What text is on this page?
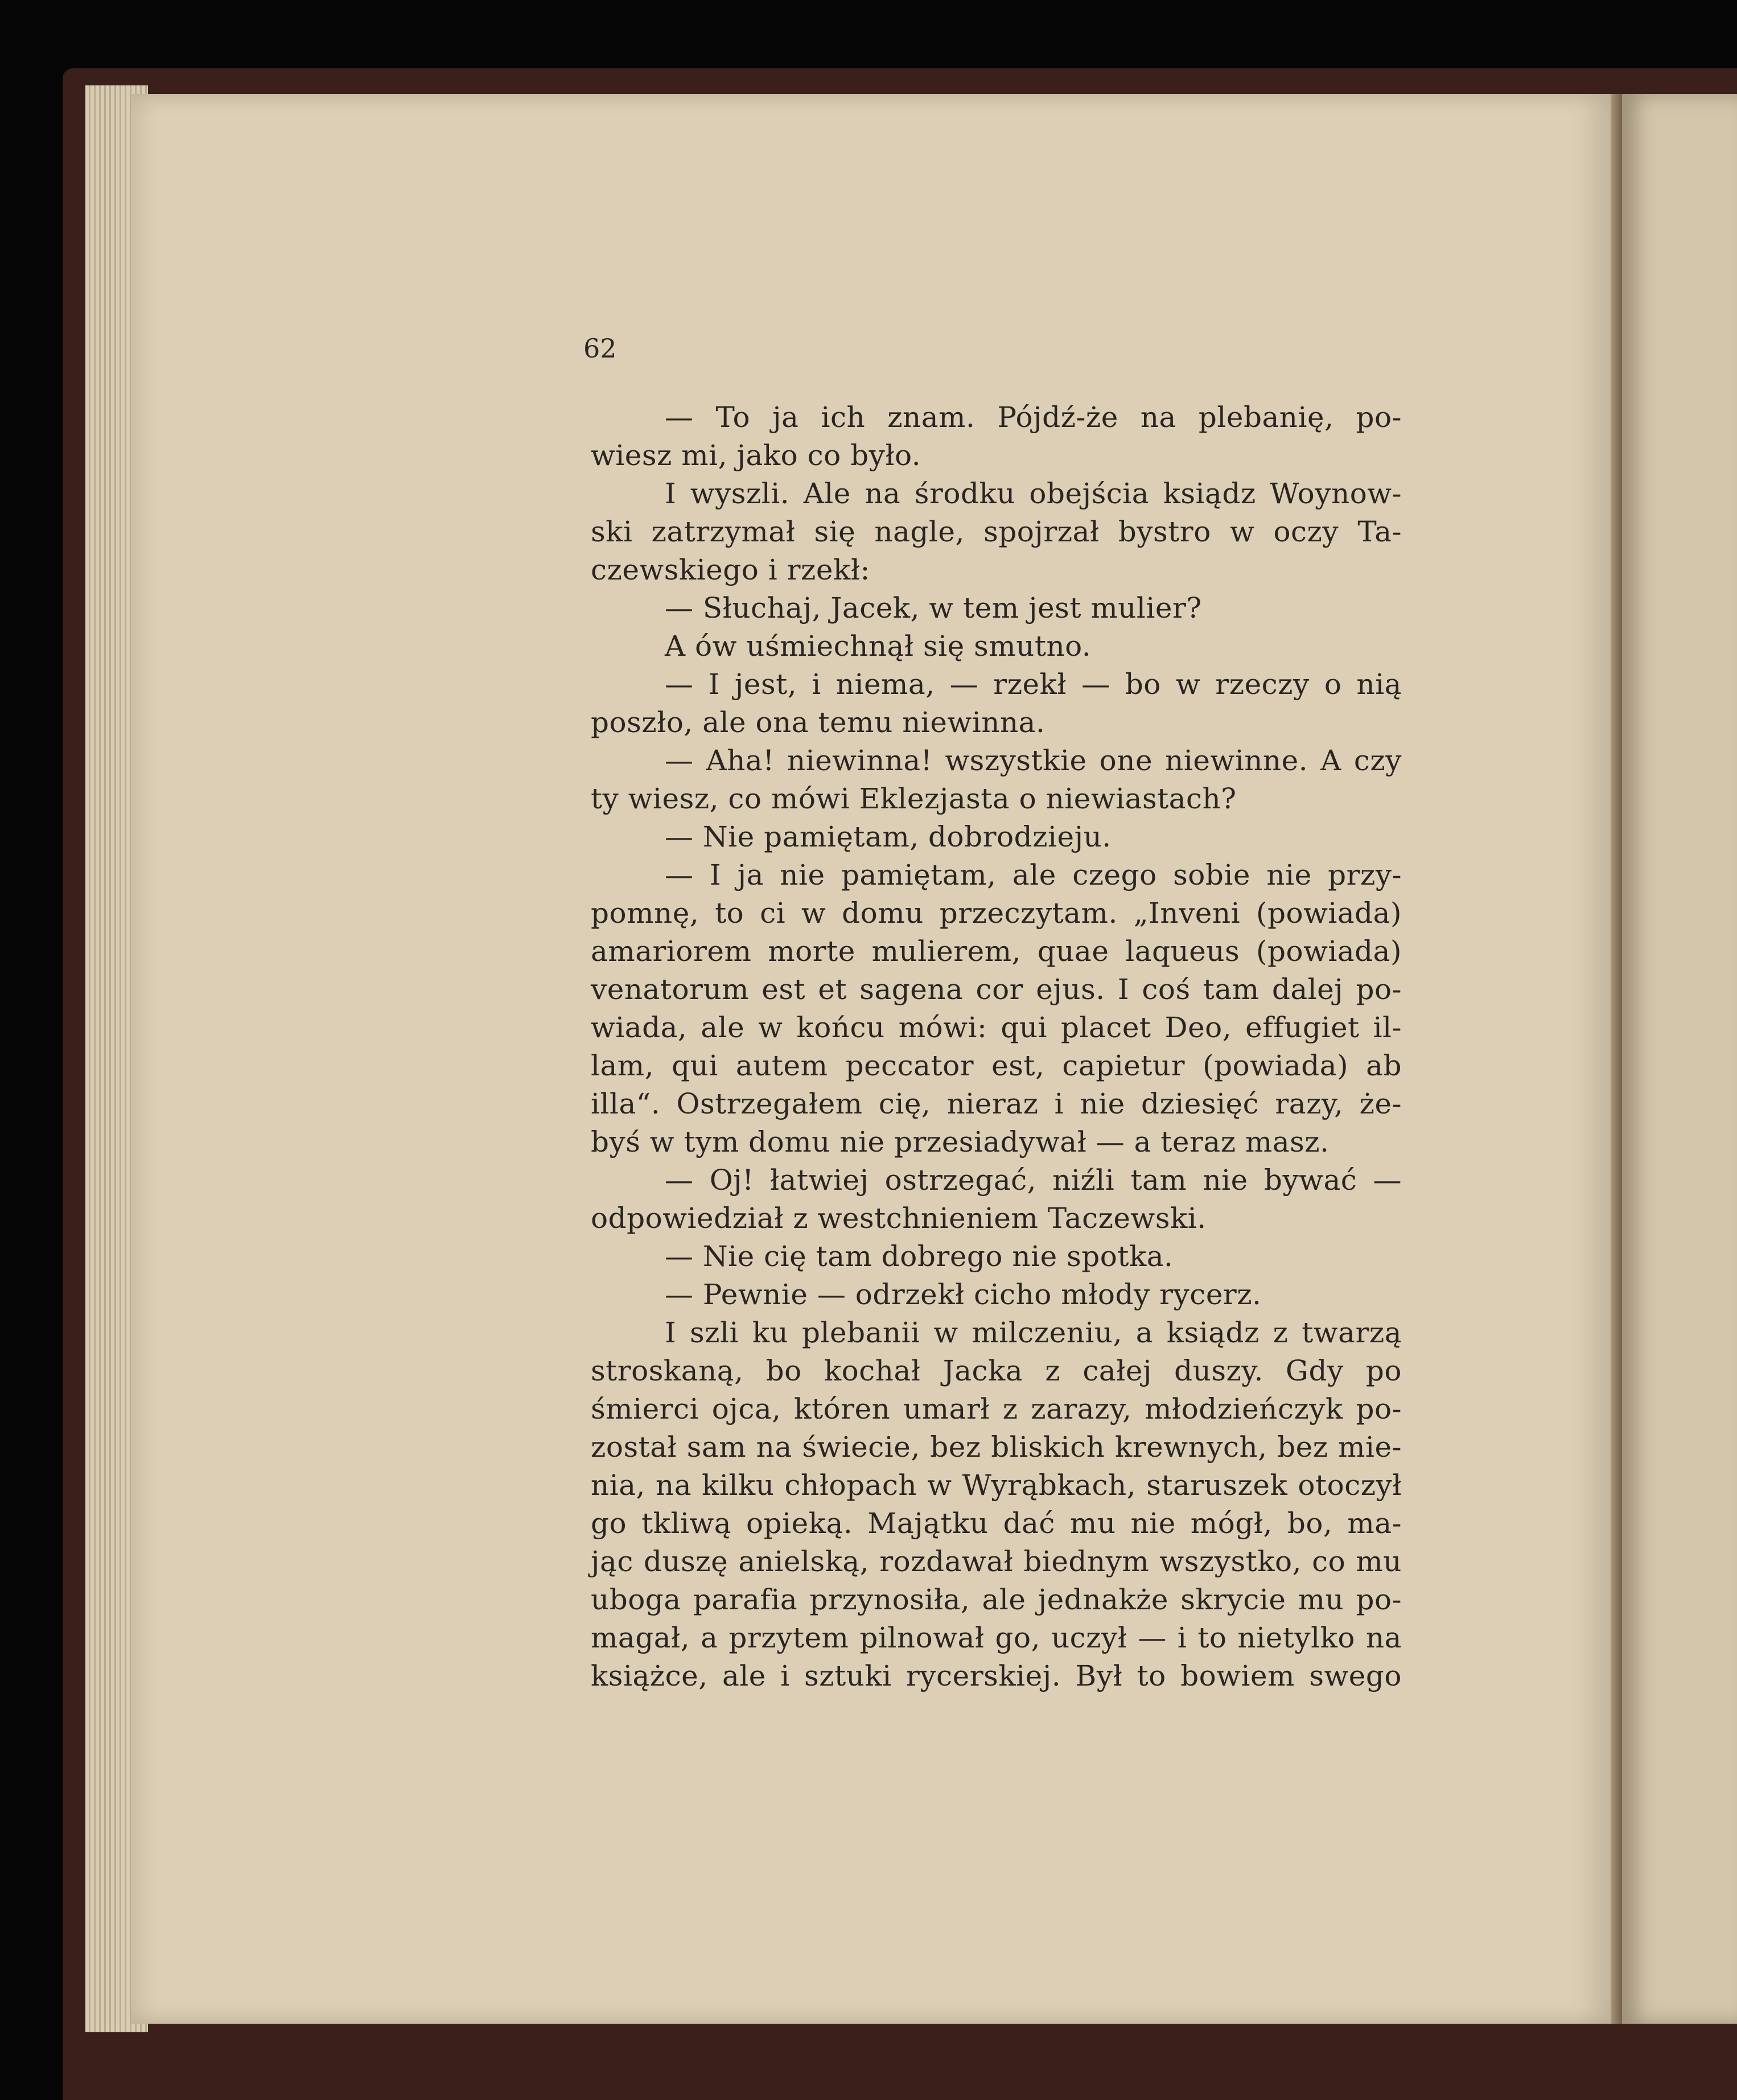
62
— To ja ich znam. Pójdź-że na plebanię, po-
wiesz mi, jako co było.
I wyszli. Ale na środku obejścia ksiądz Woynow-
ski zatrzymał się nagle, spojrzał bystro w oczy Ta-
czewskiego i rzekł:
— Słuchaj, Jacek, w tem jest mulier?
A ów uśmiechnął się smutno.
— I jest, i niema, — rzekł — bo w rzeczy o nią
poszło, ale ona temu niewinna.
— Aha! niewinna! wszystkie one niewinne. A czy
ty wiesz, co mówi Eklezjasta o niewiastach?
— Nie pamiętam, dobrodzieju.
— I ja nie pamiętam, ale czego sobie nie przy-
pomnę, to ci w domu przeczytam. „Inveni (powiada)
amariorem morte mulierem, quae laqueus (powiada)
venatorum est et sagena cor ejus. I coś tam dalej po-
wiada, ale w końcu mówi: qui placet Deo, effugiet il-
lam, qui autem peccator est, capietur (powiada) ab
illa“. Ostrzegałem cię, nieraz i nie dziesięć razy, że-
byś w tym domu nie przesiadywał — a teraz masz.
— Oj! łatwiej ostrzegać, niźli tam nie bywać —
odpowiedział z westchnieniem Taczewski.
— Nie cię tam dobrego nie spotka.
— Pewnie — odrzekł cicho młody rycerz.
I szli ku plebanii w milczeniu, a ksiądz z twarzą
stroskaną, bo kochał Jacka z całej duszy. Gdy po
śmierci ojca, któren umarł z zarazy, młodzieńczyk po-
został sam na świecie, bez bliskich krewnych, bez mie-
nia, na kilku chłopach w Wyrąbkach, staruszek otoczył
go tkliwą opieką. Majątku dać mu nie mógł, bo, ma-
jąc duszę anielską, rozdawał biednym wszystko, co mu
uboga parafia przynosiła, ale jednakże skrycie mu po-
magał, a przytem pilnował go, uczył — i to nietylko na
książce, ale i sztuki rycerskiej. Był to bowiem swego
